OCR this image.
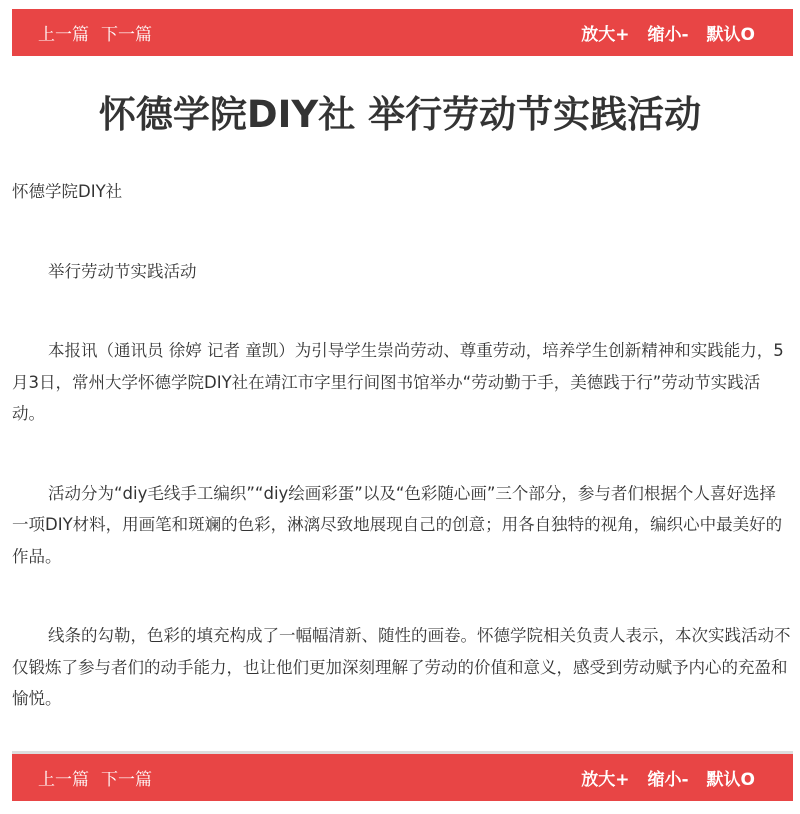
上一篇 下一篇	放大+ 缩小- 默认O
怀德学院DIY社 举行劳动节实践活动

怀德学院DIY社

举行劳动节实践活动

本报讯（通讯员 徐婷 记者 童凯）为引导学生崇尚劳动、尊重劳动，培养学生创新精神和实践能力，5月3日，常州大学怀德学院DIY社在靖江市字里行间图书馆举办“劳动勤于手，美德践于行”劳动节实践活动。

活动分为“diy毛线手工编织”“diy绘画彩蛋”以及“色彩随心画”三个部分，参与者们根据个人喜好选择一项DIY材料，用画笔和斑斓的色彩，淋漓尽致地展现自己的创意；用各自独特的视角，编织心中最美好的作品。

线条的勾勒，色彩的填充构成了一幅幅清新、随性的画卷。怀德学院相关负责人表示，本次实践活动不仅锻炼了参与者们的动手能力，也让他们更加深刻理解了劳动的价值和意义，感受到劳动赋予内心的充盈和愉悦。

上一篇 下一篇	放大+ 缩小- 默认O
